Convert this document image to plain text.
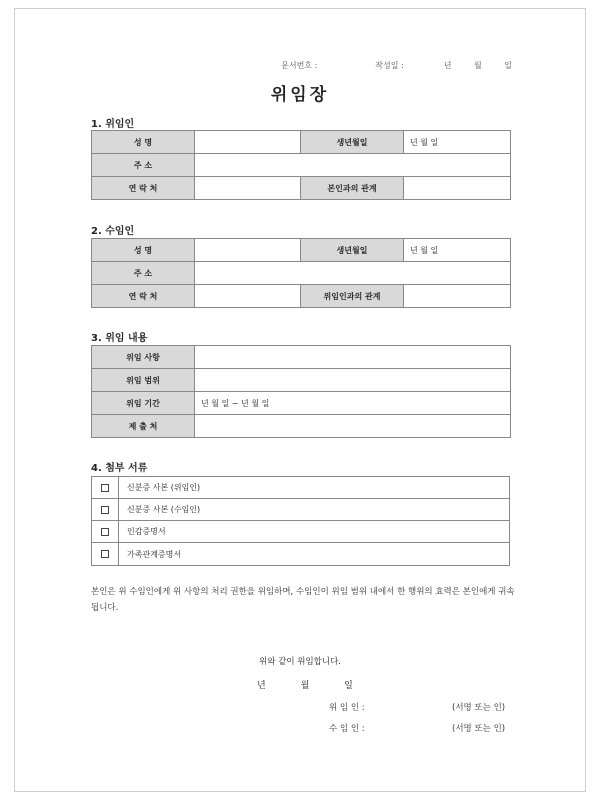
문서번호 :	작성일 :	년	월	일
위임장
1. 위임인
성 명		생년월일	년 월 일
주 소			
연 락 처		본인과의 관계	
2. 수임인
성 명		생년월일	년 월 일
주 소			
연 락 처		위임인과의 관계	
3. 위임 내용
위임 사항	
위임 범위	
위임 기간	년 월 일 ~ 년 월 일
제 출 처	
4. 첨부 서류
신분증 사본 (위임인)
신분증 사본 (수임인)
인감증명서
가족관계증명서
본인은 위 수임인에게 위 사항의 처리 권한을 위임하며, 수임인이 위임 범위 내에서 한 행위의 효력은 본인에게 귀속됩니다.
위와 같이 위임합니다.
년	월	일
위 임 인 :	(서명 또는 인)
수 임 인 :	(서명 또는 인)
